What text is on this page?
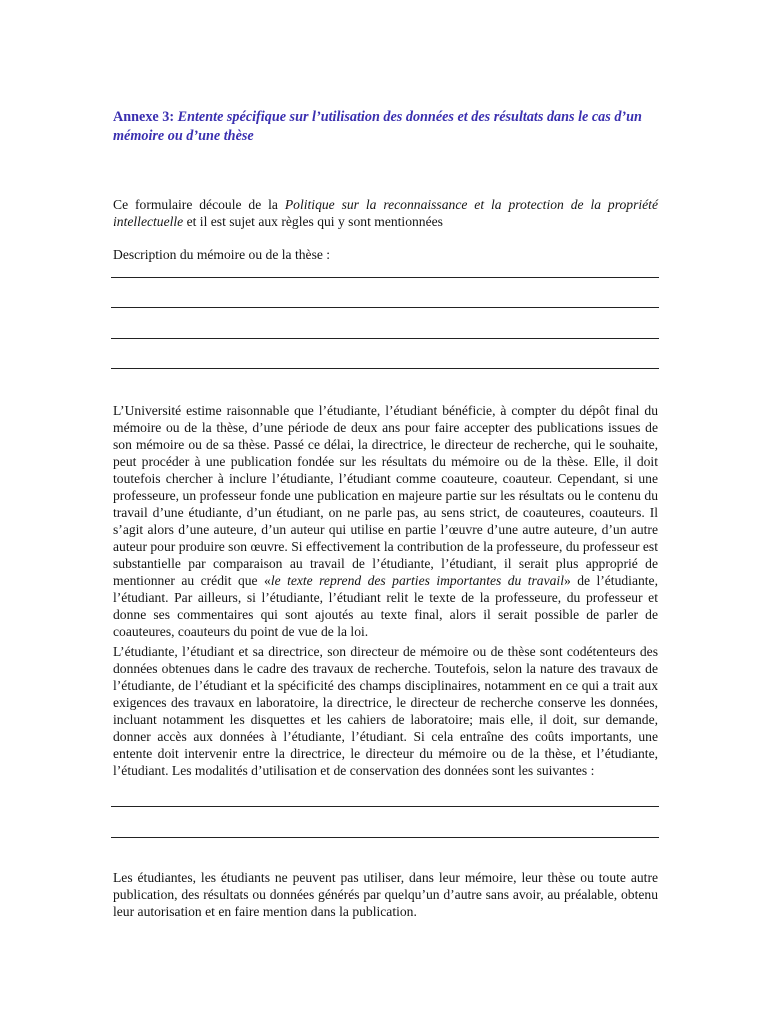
Annexe 3: Entente spécifique sur l’utilisation des données et des résultats dans le cas d’un mémoire ou d’une thèse
Ce formulaire découle de la Politique sur la reconnaissance et la protection de la propriété intellectuelle et il est sujet aux règles qui y sont mentionnées
Description du mémoire ou de la thèse :
L’Université estime raisonnable que l’étudiante, l’étudiant bénéficie, à compter du dépôt final du mémoire ou de la thèse, d’une période de deux ans pour faire accepter des publications issues de son mémoire ou de sa thèse. Passé ce délai, la directrice, le directeur de recherche, qui le souhaite, peut procéder à une publication fondée sur les résultats du mémoire ou de la thèse. Elle, il doit toutefois chercher à inclure l’étudiante, l’étudiant comme coauteure, coauteur. Cependant, si une professeure, un professeur fonde une publication en majeure partie sur les résultats ou le contenu du travail d’une étudiante, d’un étudiant, on ne parle pas, au sens strict, de coauteures, coauteurs. Il s’agit alors d’une auteure, d’un auteur qui utilise en partie l’œuvre d’une autre auteure, d’un autre auteur pour produire son œuvre. Si effectivement la contribution de la professeure, du professeur est substantielle par comparaison au travail de l’étudiante, l’étudiant, il serait plus approprié de mentionner au crédit que «le texte reprend des parties importantes du travail» de l’étudiante, l’étudiant. Par ailleurs, si l’étudiante, l’étudiant relit le texte de la professeure, du professeur et donne ses commentaires qui sont ajoutés au texte final, alors il serait possible de parler de coauteures, coauteurs du point de vue de la loi.
L’étudiante, l’étudiant et sa directrice, son directeur de mémoire ou de thèse sont codétenteurs des données obtenues dans le cadre des travaux de recherche. Toutefois, selon la nature des travaux de l’étudiante, de l’étudiant et la spécificité des champs disciplinaires, notamment en ce qui a trait aux exigences des travaux en laboratoire, la directrice, le directeur de recherche conserve les données, incluant notamment les disquettes et les cahiers de laboratoire; mais elle, il doit, sur demande, donner accès aux données à l’étudiante, l’étudiant. Si cela entraîne des coûts importants, une entente doit intervenir entre la directrice, le directeur du mémoire ou de la thèse, et l’étudiante, l’étudiant. Les modalités d’utilisation et de conservation des données sont les suivantes :
Les étudiantes, les étudiants ne peuvent pas utiliser, dans leur mémoire, leur thèse ou toute autre publication, des résultats ou données générés par quelqu’un d’autre sans avoir, au préalable, obtenu leur autorisation et en faire mention dans la publication.
